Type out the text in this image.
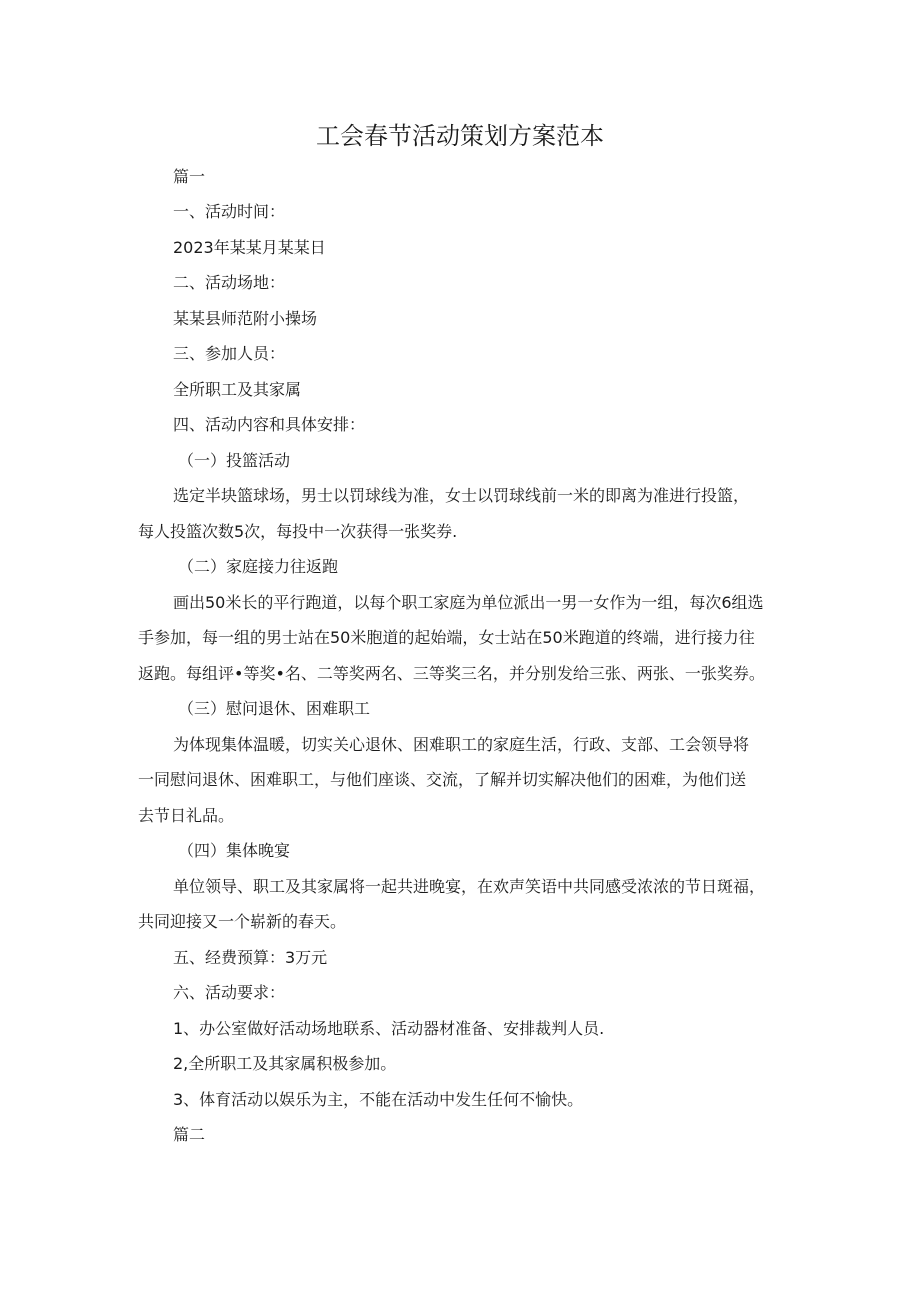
工会春节活动策划方案范本

篇一

一、活动时间：

2023年某某月某某日

二、活动场地：

某某县师范附小操场

三、参加人员：

全所职工及其家属

四、活动内容和具体安排：

（一）投篮活动

选定半块篮球场，男士以罚球线为准，女士以罚球线前一米的即离为准进行投篮，

每人投篮次数5次，每投中一次获得一张奖券.

（二）家庭接力往返跑

画出50米长的平行跑道，以每个职工家庭为单位派出一男一女作为一组，每次6组选

手参加，每一组的男士站在50米胞道的起始端，女士站在50米跑道的终端，进行接力往

返跑。每组评•等奖•名、二等奖两名、三等奖三名，并分别发给三张、两张、一张奖券。

（三）慰问退休、困难职工

为体现集体温暖，切实关心退休、困难职工的家庭生活，行政、支部、工会领导将

一同慰问退休、困难职工，与他们座谈、交流，了解并切实解决他们的困难，为他们送

去节日礼品。

（四）集体晚宴

单位领导、职工及其家属将一起共进晚宴，在欢声笑语中共同感受浓浓的节日斑福，

共同迎接又一个崭新的春天。

五、经费预算：3万元

六、活动要求：

1、办公室做好活动场地联系、活动器材准备、安排裁判人员.

2,全所职工及其家属积极参加。

3、体育活动以娱乐为主，不能在活动中发生任何不愉快。

篇二
